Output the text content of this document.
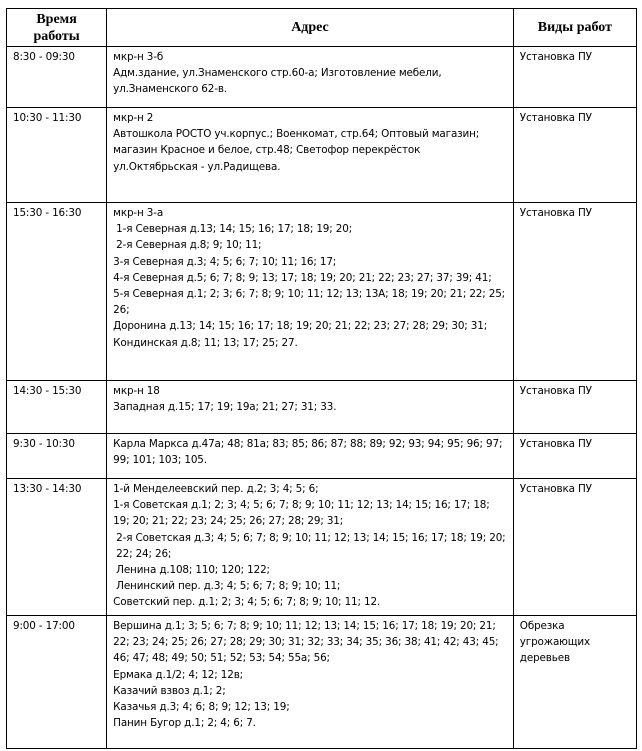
Время работы	Адрес	Виды работ
8:30 - 09:30	мкр-н 3-б
Адм.здание, ул.Знаменского стр.60-а; Изготовление мебели, ул.Знаменского 62-в.	Установка ПУ
10:30 - 11:30	мкр-н 2
Автошкола РОСТО уч.корпус.; Военкомат, стр.64; Оптовый магазин; магазин Красное и белое, стр.48; Светофор перекрёсток ул.Октябрьская - ул.Радищева.	Установка ПУ
15:30 - 16:30	мкр-н 3-а
1-я Северная д.13; 14; 15; 16; 17; 18; 19; 20;
2-я Северная д.8; 9; 10; 11;
3-я Северная д.3; 4; 5; 6; 7; 10; 11; 16; 17;
4-я Северная д.5; 6; 7; 8; 9; 13; 17; 18; 19; 20; 21; 22; 23; 27; 37; 39; 41;
5-я Северная д.1; 2; 3; 6; 7; 8; 9; 10; 11; 12; 13; 13А; 18; 19; 20; 21; 22; 25; 26;
Доронина д.13; 14; 15; 16; 17; 18; 19; 20; 21; 22; 23; 27; 28; 29; 30; 31;
Кондинская д.8; 11; 13; 17; 25; 27.
	Установка ПУ
14:30 - 15:30	мкр-н 18
Западная д.15; 17; 19; 19а; 21; 27; 31; 33.	Установка ПУ
9:30 - 10:30	Карла Маркса д.47а; 48; 81а; 83; 85; 86; 87; 88; 89; 92; 93; 94; 95; 96; 97; 99; 101; 103; 105.	Установка ПУ
13:30 - 14:30	1-й Менделеевский пер. д.2; 3; 4; 5; 6;
1-я Советская д.1; 2; 3; 4; 5; 6; 7; 8; 9; 10; 11; 12; 13; 14; 15; 16; 17; 18; 19; 20; 21; 22; 23; 24; 25; 26; 27; 28; 29; 31;
2-я Советская д.3; 4; 5; 6; 7; 8; 9; 10; 11; 12; 13; 14; 15; 16; 17; 18; 19; 20; 22; 24; 26;
Ленина д.108; 110; 120; 122;
Ленинский пер. д.3; 4; 5; 6; 7; 8; 9; 10; 11;
Советский пер. д.1; 2; 3; 4; 5; 6; 7; 8; 9; 10; 11; 12.
	Установка ПУ
9:00 - 17:00	Вершина д.1; 3; 5; 6; 7; 8; 9; 10; 11; 12; 13; 14; 15; 16; 17; 18; 19; 20; 21; 22; 23; 24; 25; 26; 27; 28; 29; 30; 31; 32; 33; 34; 35; 36; 38; 41; 42; 43; 45; 46; 47; 48; 49; 50; 51; 52; 53; 54; 55а; 56;
Ермака д.1/2; 4; 12; 12в;
Казачий взвоз д.1; 2;
Казачья д.3; 4; 6; 8; 9; 12; 13; 19;
Панин Бугор д.1; 2; 4; 6; 7.	Обрезка угрожающих деревьев
